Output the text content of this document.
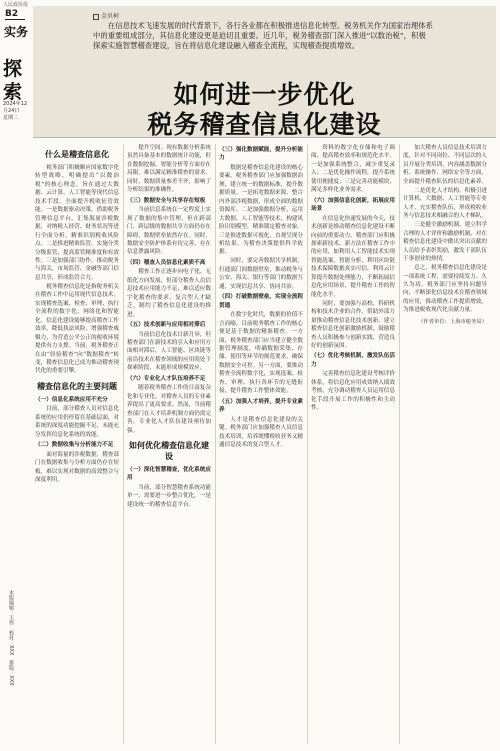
人民政协报
B2
实务
探索
2024年12月24日
星期二
本版编辑：王伟　校对：XXX　排版：XXX
金贝柯
在信息技术飞速发展的时代背景下，各行各业都在积极推进信息化转型。税务机关作为国家治理体系中的重要组成部分，其信息化建设更是迫切且重要。近几年，税务稽查部门深入推进“以数治税”，积极探索实施智慧稽查建设，旨在将信息化建设融入稽查全流程，实现稽查提质增效。
如何进一步优化
税务稽查信息化建设
什么是稽查信息化

税务部门积极顺应国家数字化转型战略，明确提出“以数治税”的核心理念，旨在通过大数据、云计算、人工智能等现代信息技术手段，全面提升税收征管效能。一是数据驱动决策，借助税务管理信息平台，汇集海量涉税数据，对纳税人经营、财务状况等进行全面分析，精准识别税收风险点。二是推进精准监管，实施分类分级监管，提高监管精准度和有效性。三是加强部门协作，推动税务与海关、市场监管、金融等部门信息共享，形成监管合力。

税务稽查信息化是指税务机关在稽查工作中运用现代信息技术，实现稽查选案、检查、审理、执行全流程的数字化、网络化和智能化。信息化建设能够提高稽查工作效率，降低执法风险，增强稽查威慑力，为营造公平公正的税收环境提供有力支撑。当前，税务稽查正在由“经验稽查”向“数据稽查”转变，稽查信息化已成为推动稽查现代化的重要引擎。

稽查信息化的主要问题
（一）信息化系统应用不充分

目前，部分稽查人员对信息化系统的应用仍停留在基础层面，对系统的深度功能挖掘不足，未能充分发挥信息化系统的效能。

（二）数据收集与分析能力不足

面对海量的涉税数据，稽查部门在数据收集与分析方面仍存在短板，难以实现对数据的高效整合与深度利用。

提升空间。现有数据分析系统虽然具备基本的数据统计功能，但在数据挖掘、智能分析等方面存在局限，难以满足精准稽查的需求。同时，数据质量参差不齐，影响了分析结果的准确性。

（三）数据安全与共享存在短板

当前信息系统在一定程度上实现了数据的集中管理，但在跨部门、跨层级的数据共享方面仍存在障碍，数据壁垒依然存在。同时，数据安全防护体系有待完善，存在信息泄露风险。

（四）稽查人员信息化素质不高

稽查工作正逐步向电子化、无纸化方向发展，但部分稽查人员信息技术应用能力不足，难以适应数字化稽查的要求。复合型人才缺乏，制约了稽查信息化建设的推进。

（五）技术创新与应用相对滞后

当前信息化技术日新月异，但稽查部门在新技术的引入和应用方面相对滞后，人工智能、区块链等前沿技术在稽查领域的应用尚处于探索阶段，未能形成规模效应。

（六）专业化人才队伍培养不足

随着税务稽查工作的日益复杂化和专业化，对稽查人员的专业素养提出了更高要求。然而，当前稽查部门在人才培养机制方面仍需完善，专业化人才队伍建设亟待加强。

如何优化稽查信息化建设
（一）深化智慧稽查，优化系统应用

当前，部分智慧稽查系统功能单一，需要进一步整合优化。一是建设统一的稽查信息平台。

（三）强化数据赋能，提升分析能力

数据是稽查信息化建设的核心要素。税务稽查部门应加强数据治理，建立统一的数据标准，提升数据质量。一是拓宽数据来源，整合内外部涉税数据，形成全面的数据资源库。二是加强数据分析，运用大数据、人工智能等技术，构建风险识别模型，精准锁定稽查对象。三是推进数据可视化，直观呈现分析结果，为稽查决策提供科学依据。

同时，要完善数据共享机制，打通部门间数据壁垒，推动税务与公安、海关、银行等部门的数据互通，实现信息共享、协同共治。

（四）打破数据壁垒，实现全流程贯通

在数字化时代，数据的价值不言而喻。目前税务稽查工作的核心便是基于数据的精准稽查。一方面，税务稽查部门应当建立健全数据管理制度，明确数据采集、存储、使用等环节的规范要求，确保数据安全可控。另一方面，要推动稽查全流程数字化，实现选案、检查、审理、执行各环节的无缝衔接，提升稽查工作整体效能。

（五）加强人才培养，提升专业素养

人才是稽查信息化建设的关键。税务部门应加强稽查人员信息技术培训，培养既懂税收业务又精通信息技术的复合型人才。

资料的数字化存储和电子调阅，提高稽查效率和规范化水平。一是加强系统整合，减少重复录入；二是优化操作流程，提升系统使用便捷度；三是完善功能模块，满足多样化业务需求。

（六）加强信息化创新，拓展应用场景

在信息化快速发展的今天，技术创新是推动稽查信息化建设不断向前的重要动力。稽查部门应积极探索新技术、新方法在稽查工作中的应用，如利用人工智能技术实现智能选案、智能分析，利用区块链技术保障数据真实可信，利用云计算提升数据处理能力，不断拓展信息化应用场景，提升稽查工作的智能化水平。

同时，要加强与高校、科研机构和技术企业的合作，借助外部力量推动稽查信息化技术创新。建立稽查信息化创新激励机制，鼓励稽查人员积极参与创新实践，营造良好的创新氛围。

（七）优化考核机制，激发队伍活力

完善稽查信息化建设考核评价体系，将信息化应用成效纳入绩效考核，充分调动稽查人员运用信息化手段开展工作的积极性和主动性。

加大稽查人员信息技术培训力度，针对不同岗位、不同层次的人员开展分类培训，内容涵盖数据分析、系统操作、网络安全等方面，全面提升稽查队伍的信息化素养。

二是优化人才结构。积极引进计算机、大数据、人工智能等专业人才，充实稽查队伍，形成税收业务与信息技术相融合的人才梯队。

三是健全激励机制。建立科学合理的人才评价和激励机制，对在稽查信息化建设中做出突出贡献的人员给予表彰奖励，激发干部队伍干事创业的热情。

总之，税务稽查信息化建设是一项系统工程，需要持续发力、久久为功。税务部门应坚持问题导向，不断深化信息技术在稽查领域的应用，推动稽查工作提质增效，为推进税收现代化贡献力量。

（作者单位：上海市税务局）
